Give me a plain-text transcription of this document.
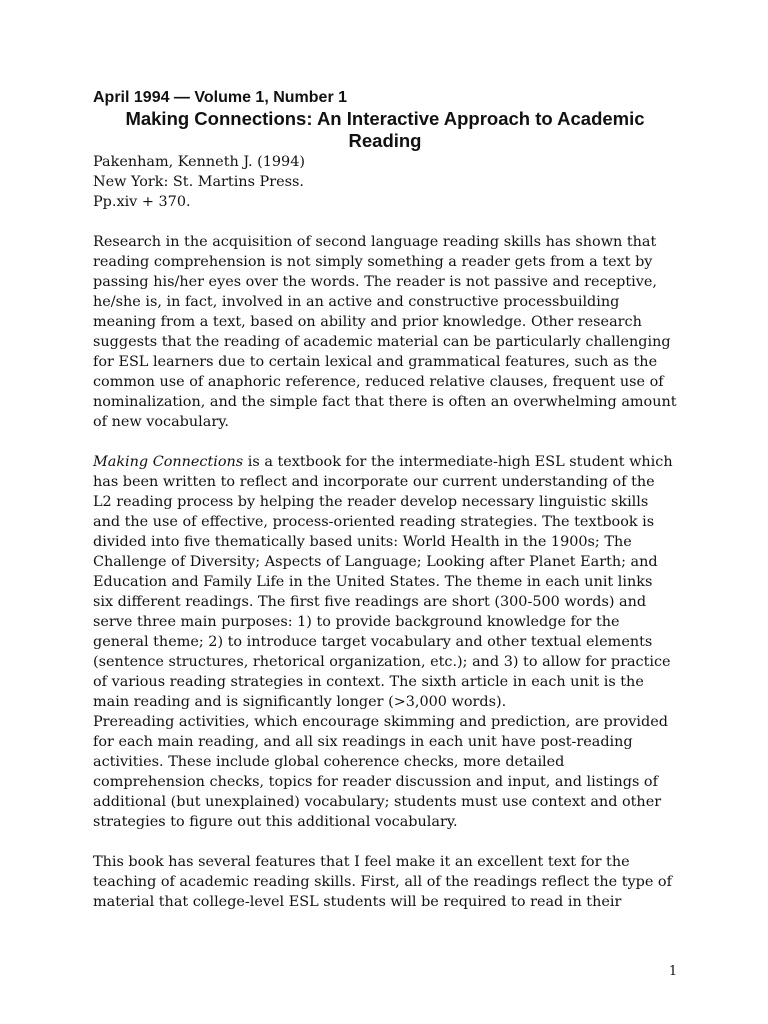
April 1994 — Volume 1, Number 1

Making Connections: An Interactive Approach to Academic Reading

Pakenham, Kenneth J. (1994)
New York: St. Martins Press.
Pp.xiv + 370.

Research in the acquisition of second language reading skills has shown that reading comprehension is not simply something a reader gets from a text by passing his/her eyes over the words. The reader is not passive and receptive, he/she is, in fact, involved in an active and constructive processbuilding meaning from a text, based on ability and prior knowledge. Other research suggests that the reading of academic material can be particularly challenging for ESL learners due to certain lexical and grammatical features, such as the common use of anaphoric reference, reduced relative clauses, frequent use of nominalization, and the simple fact that there is often an overwhelming amount of new vocabulary.

Making Connections is a textbook for the intermediate-high ESL student which has been written to reflect and incorporate our current understanding of the L2 reading process by helping the reader develop necessary linguistic skills and the use of effective, process-oriented reading strategies. The textbook is divided into five thematically based units: World Health in the 1900s; The Challenge of Diversity; Aspects of Language; Looking after Planet Earth; and Education and Family Life in the United States. The theme in each unit links six different readings. The first five readings are short (300-500 words) and serve three main purposes: 1) to provide background knowledge for the general theme; 2) to introduce target vocabulary and other textual elements (sentence structures, rhetorical organization, etc.); and 3) to allow for practice of various reading strategies in context. The sixth article in each unit is the main reading and is significantly longer (>3,000 words).

Prereading activities, which encourage skimming and prediction, are provided for each main reading, and all six readings in each unit have post-reading activities. These include global coherence checks, more detailed comprehension checks, topics for reader discussion and input, and listings of additional (but unexplained) vocabulary; students must use context and other strategies to figure out this additional vocabulary.

This book has several features that I feel make it an excellent text for the teaching of academic reading skills. First, all of the readings reflect the type of material that college-level ESL students will be required to read in their

1
